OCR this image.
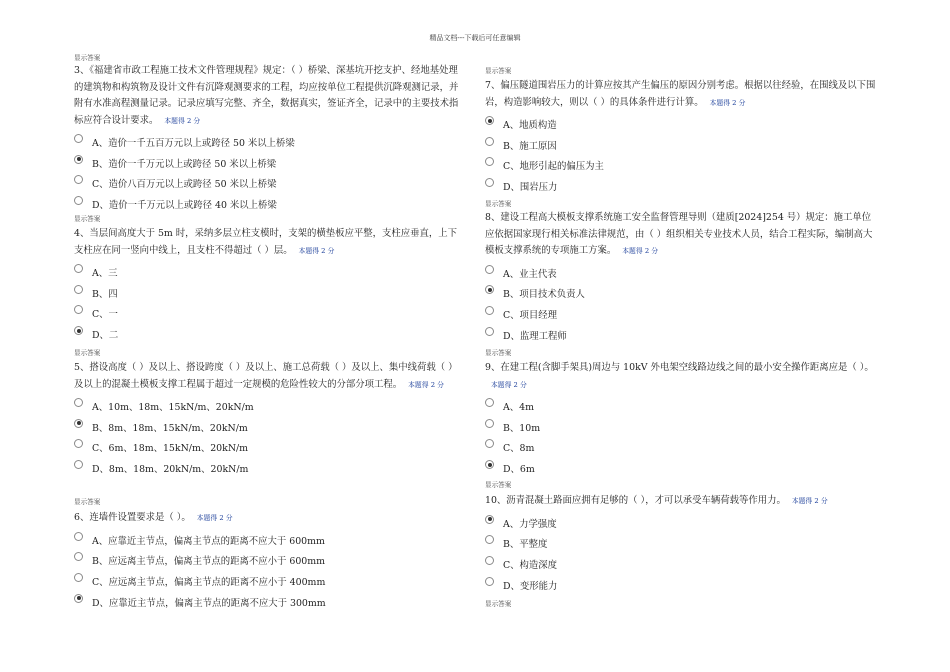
精品文档---下载后可任意编辑
显示答案

3、《福建省市政工程施工技术文件管理规程》规定：（ ）桥梁、深基坑开挖支护、经地基处理的建筑物和构筑物及设计文件有沉降观测要求的工程，均应按单位工程提供沉降观测记录，并附有水准高程测量记录。记录应填写完整、齐全，数据真实，签证齐全，记录中的主要技术指标应符合设计要求。 本题得 2 分

A、造价一千五百万元以上或跨径 50 米以上桥梁
B、造价一千万元以上或跨径 50 米以上桥梁
C、造价八百万元以上或跨径 50 米以上桥梁
D、造价一千万元以上或跨径 40 米以上桥梁
显示答案

4、当层间高度大于 5m 时，采纳多层立柱支模时，支架的横垫板应平整，支柱应垂直，上下支柱应在同一竖向中线上，且支柱不得超过（ ）层。 本题得 2 分

A、三
B、四
C、一
D、二
显示答案

5、搭设高度（ ）及以上、搭设跨度（ ）及以上、施工总荷载（ ）及以上、集中线荷载（ ）及以上的混凝土模板支撑工程属于超过一定规模的危险性较大的分部分项工程。 本题得 2 分

A、10m、18m、15kN/m、20kN/m
B、8m、18m、15kN/m、20kN/m
C、6m、18m、15kN/m、20kN/m
D、8m、18m、20kN/m、20kN/m
显示答案

6、连墙件设置要求是（ ）。 本题得 2 分

A、应靠近主节点，偏离主节点的距离不应大于 600mm
B、应远离主节点，偏离主节点的距离不应小于 600mm
C、应远离主节点，偏离主节点的距离不应小于 400mm
D、应靠近主节点，偏离主节点的距离不应大于 300mm
显示答案

7、偏压隧道围岩压力的计算应按其产生偏压的原因分别考虑。根据以往经验，在围线及以下围岩，构造影响较大，则以（ ）的具体条件进行计算。 本题得 2 分

A、地质构造
B、施工原因
C、地形引起的偏压为主
D、围岩压力
显示答案

8、建设工程高大模板支撑系统施工安全监督管理导则（建质[2024]254 号）规定：施工单位应依据国家现行相关标准法律规范，由（ ）组织相关专业技术人员，结合工程实际，编制高大模板支撑系统的专项施工方案。 本题得 2 分

A、业主代表
B、项目技术负责人
C、项目经理
D、监理工程师
显示答案

9、在建工程(含脚手架具)周边与 10kV 外电架空线路边线之间的最小安全操作距离应是（ ）。本题得 2 分

A、4m
B、10m
C、8m
D、6m
显示答案

10、沥青混凝土路面应拥有足够的（ ），才可以承受车辆荷载等作用力。 本题得 2 分

A、力学强度
B、平整度
C、构造深度
D、变形能力
显示答案
